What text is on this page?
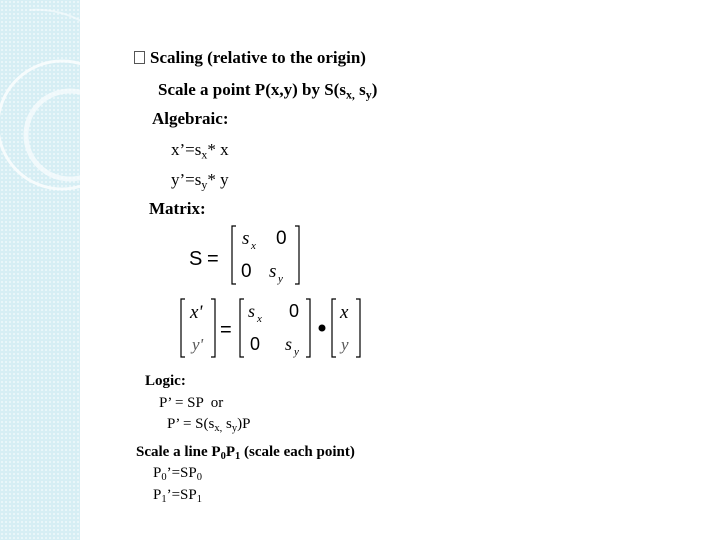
Scaling (relative to the origin)
Scale a point P(x,y) by $S(s_{x,}$ $s_y$)
Algebraic:
$x’=s_x*$ x
$y’=s_y*$ y
Matrix:
S =
s x 0
0 s y
x'
y'
=
s x 0
0 s y
x
y
Logic:
P’ = SP  or
P’ = $S(s_{x,}$ $s_y)P$
Scale a line $P_0P_1$ (scale each point)
$P_0’=SP_0$
$P_1’=SP_1$
